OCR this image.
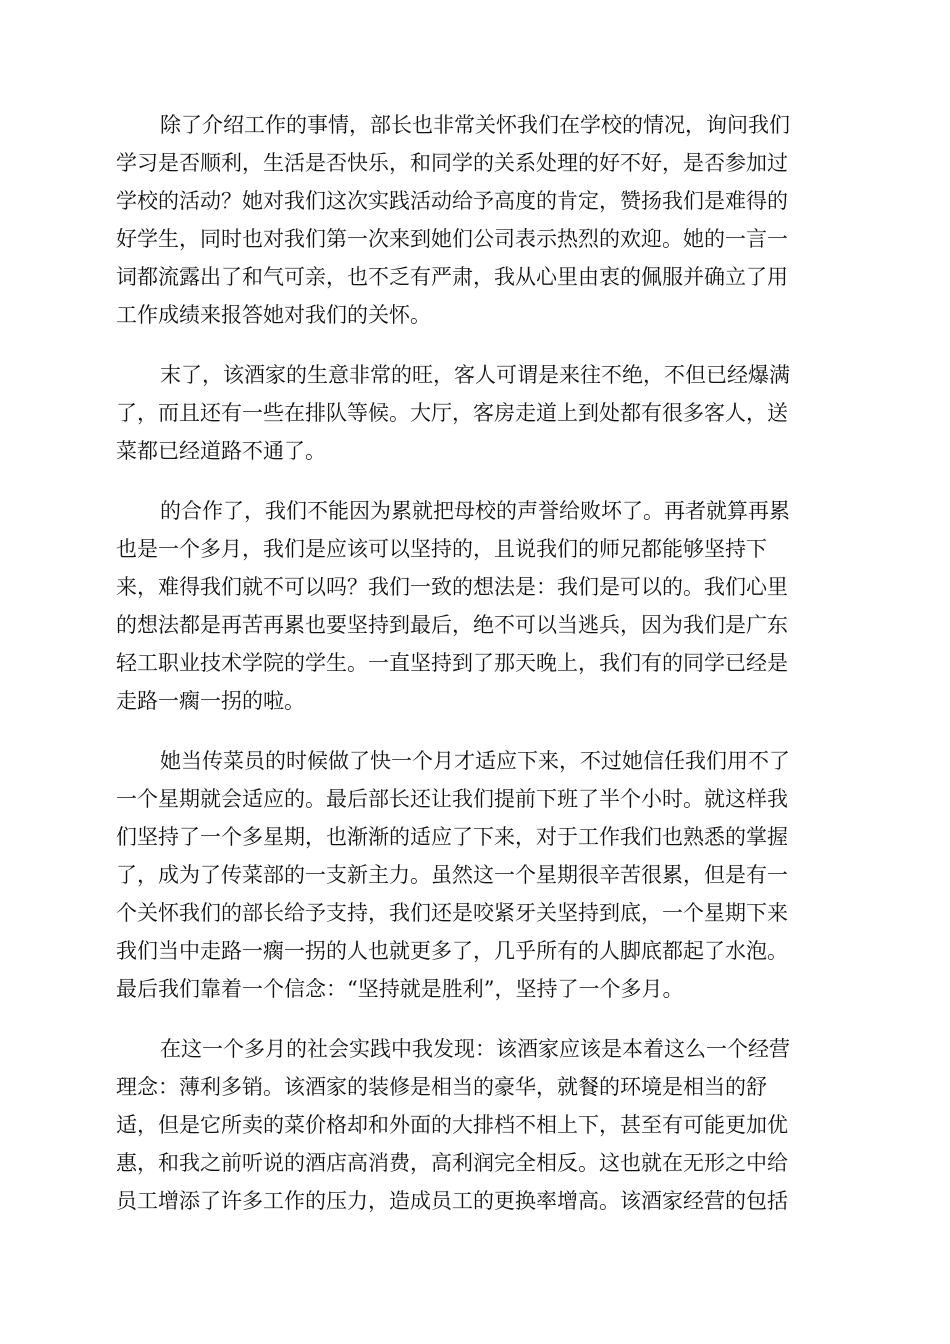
除了介绍工作的事情，部长也非常关怀我们在学校的情况，询问我们
学习是否顺利，生活是否快乐，和同学的关系处理的好不好，是否参加过
学校的活动？她对我们这次实践活动给予高度的肯定，赞扬我们是难得的
好学生，同时也对我们第一次来到她们公司表示热烈的欢迎。她的一言一
词都流露出了和气可亲，也不乏有严肃，我从心里由衷的佩服并确立了用
工作成绩来报答她对我们的关怀。

末了，该酒家的生意非常的旺，客人可谓是来往不绝，不但已经爆满
了，而且还有一些在排队等候。大厅，客房走道上到处都有很多客人，送
菜都已经道路不通了。

的合作了，我们不能因为累就把母校的声誉给败坏了。再者就算再累
也是一个多月，我们是应该可以坚持的，且说我们的师兄都能够坚持下
来，难得我们就不可以吗？我们一致的想法是：我们是可以的。我们心里
的想法都是再苦再累也要坚持到最后，绝不可以当逃兵，因为我们是广东
轻工职业技术学院的学生。一直坚持到了那天晚上，我们有的同学已经是
走路一瘸一拐的啦。

她当传菜员的时候做了快一个月才适应下来，不过她信任我们用不了
一个星期就会适应的。最后部长还让我们提前下班了半个小时。就这样我
们坚持了一个多星期，也渐渐的适应了下来，对于工作我们也熟悉的掌握
了，成为了传菜部的一支新主力。虽然这一个星期很辛苦很累，但是有一
个关怀我们的部长给予支持，我们还是咬紧牙关坚持到底，一个星期下来
我们当中走路一瘸一拐的人也就更多了，几乎所有的人脚底都起了水泡。
最后我们靠着一个信念：“坚持就是胜利”，坚持了一个多月。

在这一个多月的社会实践中我发现：该酒家应该是本着这么一个经营
理念：薄利多销。该酒家的装修是相当的豪华，就餐的环境是相当的舒
适，但是它所卖的菜价格却和外面的大排档不相上下，甚至有可能更加优
惠，和我之前听说的酒店高消费，高利润完全相反。这也就在无形之中给
员工增添了许多工作的压力，造成员工的更换率增高。该酒家经营的包括
